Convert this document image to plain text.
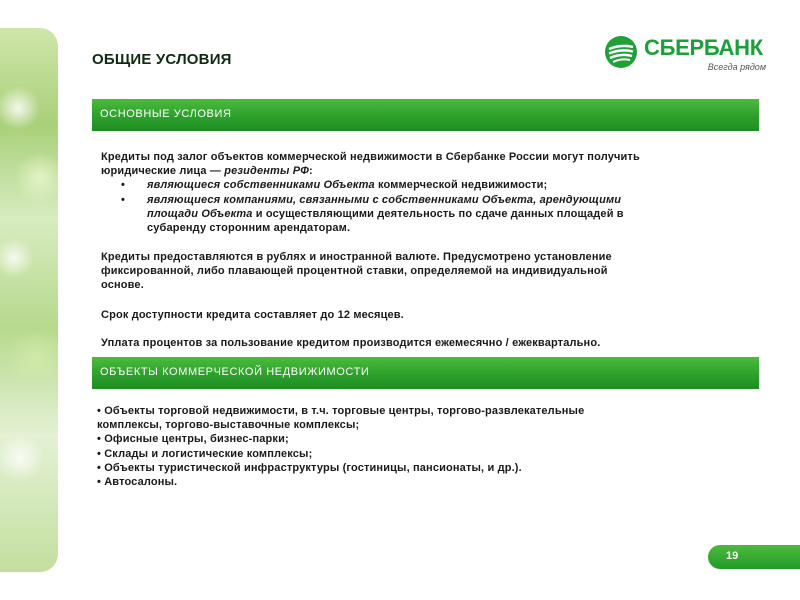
ОБЩИЕ УСЛОВИЯ	СБЕРБАНК
Всегда рядом
ОСНОВНЫЕ УСЛОВИЯ
Кредиты под залог объектов коммерческой недвижимости в Сбербанке России могут получить
юридические лица — резиденты РФ:
• являющиеся собственниками Объекта коммерческой недвижимости;
• являющиеся компаниями, связанными с собственниками Объекта, арендующими
площади Объекта и осуществляющими деятельность по сдаче данных площадей в
субаренду сторонним арендаторам.
Кредиты предоставляются в рублях и иностранной валюте. Предусмотрено установление
фиксированной, либо плавающей процентной ставки, определяемой на индивидуальной
основе.
Срок доступности кредита составляет до 12 месяцев.
Уплата процентов за пользование кредитом производится ежемесячно / ежеквартально.
ОБЪЕКТЫ КОММЕРЧЕСКОЙ НЕДВИЖИМОСТИ
• Объекты торговой недвижимости, в т.ч. торговые центры, торгово-развлекательные
комплексы, торгово-выставочные комплексы;
• Офисные центры, бизнес-парки;
• Склады и логистические комплексы;
• Объекты туристической инфраструктуры (гостиницы, пансионаты, и др.).
• Автосалоны.
19
